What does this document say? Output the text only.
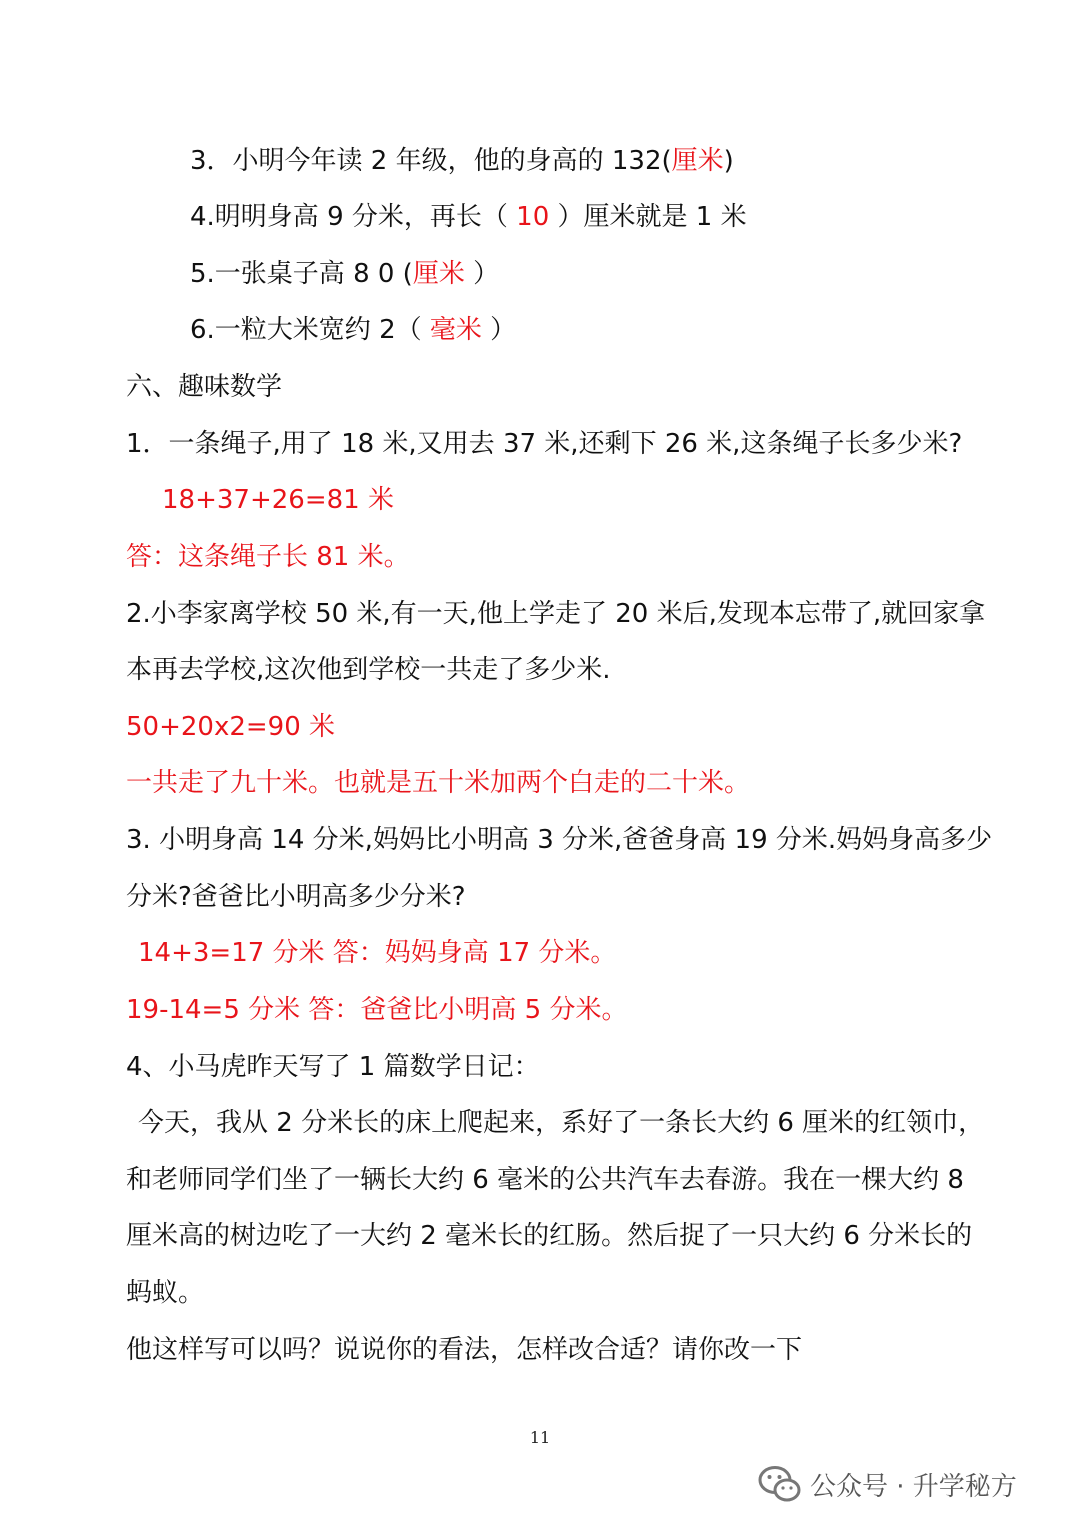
3．小明今年读 2 年级，他的身高的 132(厘米)
4.明明身高 9 分米，再长（ 10 ）厘米就是 1 米
5.一张桌子高 8 0 (厘米 ）
6.一粒大米宽约 2（ 毫米 ）
六、趣味数学
1．一条绳子,用了 18 米,又用去 37 米,还剩下 26 米,这条绳子长多少米?
18+37+26=81 米
答：这条绳子长 81 米。
2.小李家离学校 50 米,有一天,他上学走了 20 米后,发现本忘带了,就回家拿
本再去学校,这次他到学校一共走了多少米.
50+20x2=90 米
一共走了九十米。也就是五十米加两个白走的二十米。
3. 小明身高 14 分米,妈妈比小明高 3 分米,爸爸身高 19 分米.妈妈身高多少
分米?爸爸比小明高多少分米?
14+3=17 分米 答：妈妈身高 17 分米。
19-14=5 分米 答：爸爸比小明高 5 分米。
4、小马虎昨天写了 1 篇数学日记：
今天，我从 2 分米长的床上爬起来，系好了一条长大约 6 厘米的红领巾，
和老师同学们坐了一辆长大约 6 毫米的公共汽车去春游。我在一棵大约 8
厘米高的树边吃了一大约 2 毫米长的红肠。然后捉了一只大约 6 分米长的
蚂蚁。
他这样写可以吗？说说你的看法，怎样改合适？请你改一下
11
公众号 · 升学秘方
